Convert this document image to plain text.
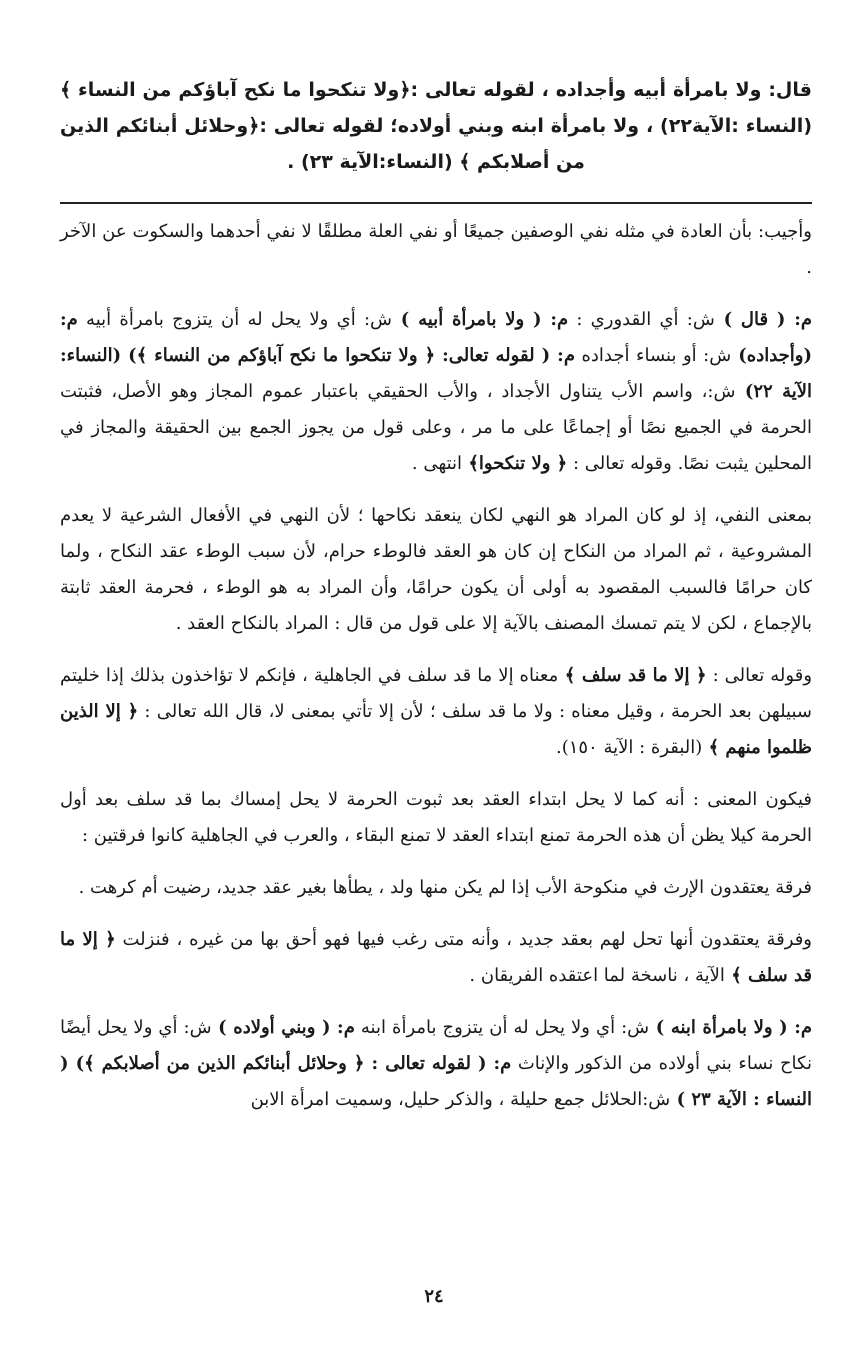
قال: ولا بامرأة أبيه وأجداده ، لقوله تعالى :﴿ولا تنكحوا ما نكح آباؤكم من النساء ﴾ (النساء :الآية٢٢) ، ولا بامرأة ابنه وبني أولاده؛ لقوله تعالى :﴿وحلائل أبنائكم الذين من أصلابكم ﴾ (النساء:الآية ٢٣) .

وأجيب: بأن العادة في مثله نفي الوصفين جميعًا أو نفي العلة مطلقًا لا نفي أحدهما والسكوت عن الآخر .

م: ( قال ) ش: أي القدوري : م: ( ولا بامرأة أبيه ) ش: أي ولا يحل له أن يتزوج بامرأة أبيه م: (وأجداده) ش: أو بنساء أجداده م: ( لقوله تعالى: ﴿ ولا تنكحوا ما نكح آباؤكم من النساء ﴾) (النساء: الآية ٢٢) ش:، واسم الأب يتناول الأجداد ، والأب الحقيقي باعتبار عموم المجاز وهو الأصل، فثبتت الحرمة في الجميع نصًا أو إجماعًا على ما مر ، وعلى قول من يجوز الجمع بين الحقيقة والمجاز في المحلين يثبت نصًا. وقوله تعالى : ﴿ ولا تنكحوا﴾ انتهى .

بمعنى النفي، إذ لو كان المراد هو النهي لكان ينعقد نكاحها ؛ لأن النهي في الأفعال الشرعية لا يعدم المشروعية ، ثم المراد من النكاح إن كان هو العقد فالوطء حرام، لأن سبب الوطء عقد النكاح ، ولما كان حرامًا فالسبب المقصود به أولى أن يكون حرامًا، وأن المراد به هو الوطء ، فحرمة العقد ثابتة بالإجماع ، لكن لا يتم تمسك المصنف بالآية إلا على قول من قال : المراد بالنكاح العقد .

وقوله تعالى : ﴿ إلا ما قد سلف ﴾ معناه إلا ما قد سلف في الجاهلية ، فإنكم لا تؤاخذون بذلك إذا خليتم سبيلهن بعد الحرمة ، وقيل معناه : ولا ما قد سلف ؛ لأن إلا تأتي بمعنى لا، قال الله تعالى : ﴿ إلا الذين ظلموا منهم ﴾ (البقرة : الآية ١٥٠).

فيكون المعنى : أنه كما لا يحل ابتداء العقد بعد ثبوت الحرمة لا يحل إمساك بما قد سلف بعد أول الحرمة كيلا يظن أن هذه الحرمة تمنع ابتداء العقد لا تمنع البقاء ، والعرب في الجاهلية كانوا فرقتين :

فرقة يعتقدون الإرث في منكوحة الأب إذا لم يكن منها ولد ، يطأها بغير عقد جديد، رضيت أم كرهت .

وفرقة يعتقدون أنها تحل لهم بعقد جديد ، وأنه متى رغب فيها فهو أحق بها من غيره ، فنزلت ﴿ إلا ما قد سلف ﴾ الآية ، ناسخة لما اعتقده الفريقان .

م: ( ولا بامرأة ابنه ) ش: أي ولا يحل له أن يتزوج بامرأة ابنه م: ( وبني أولاده ) ش: أي ولا يحل أيضًا نكاح نساء بني أولاده من الذكور والإناث م: ( لقوله تعالى : ﴿ وحلائل أبنائكم الذين من أصلابكم ﴾) ( النساء : الآية ٢٣ ) ش:الحلائل جمع حليلة ، والذكر حليل، وسميت امرأة الابن

٢٤
